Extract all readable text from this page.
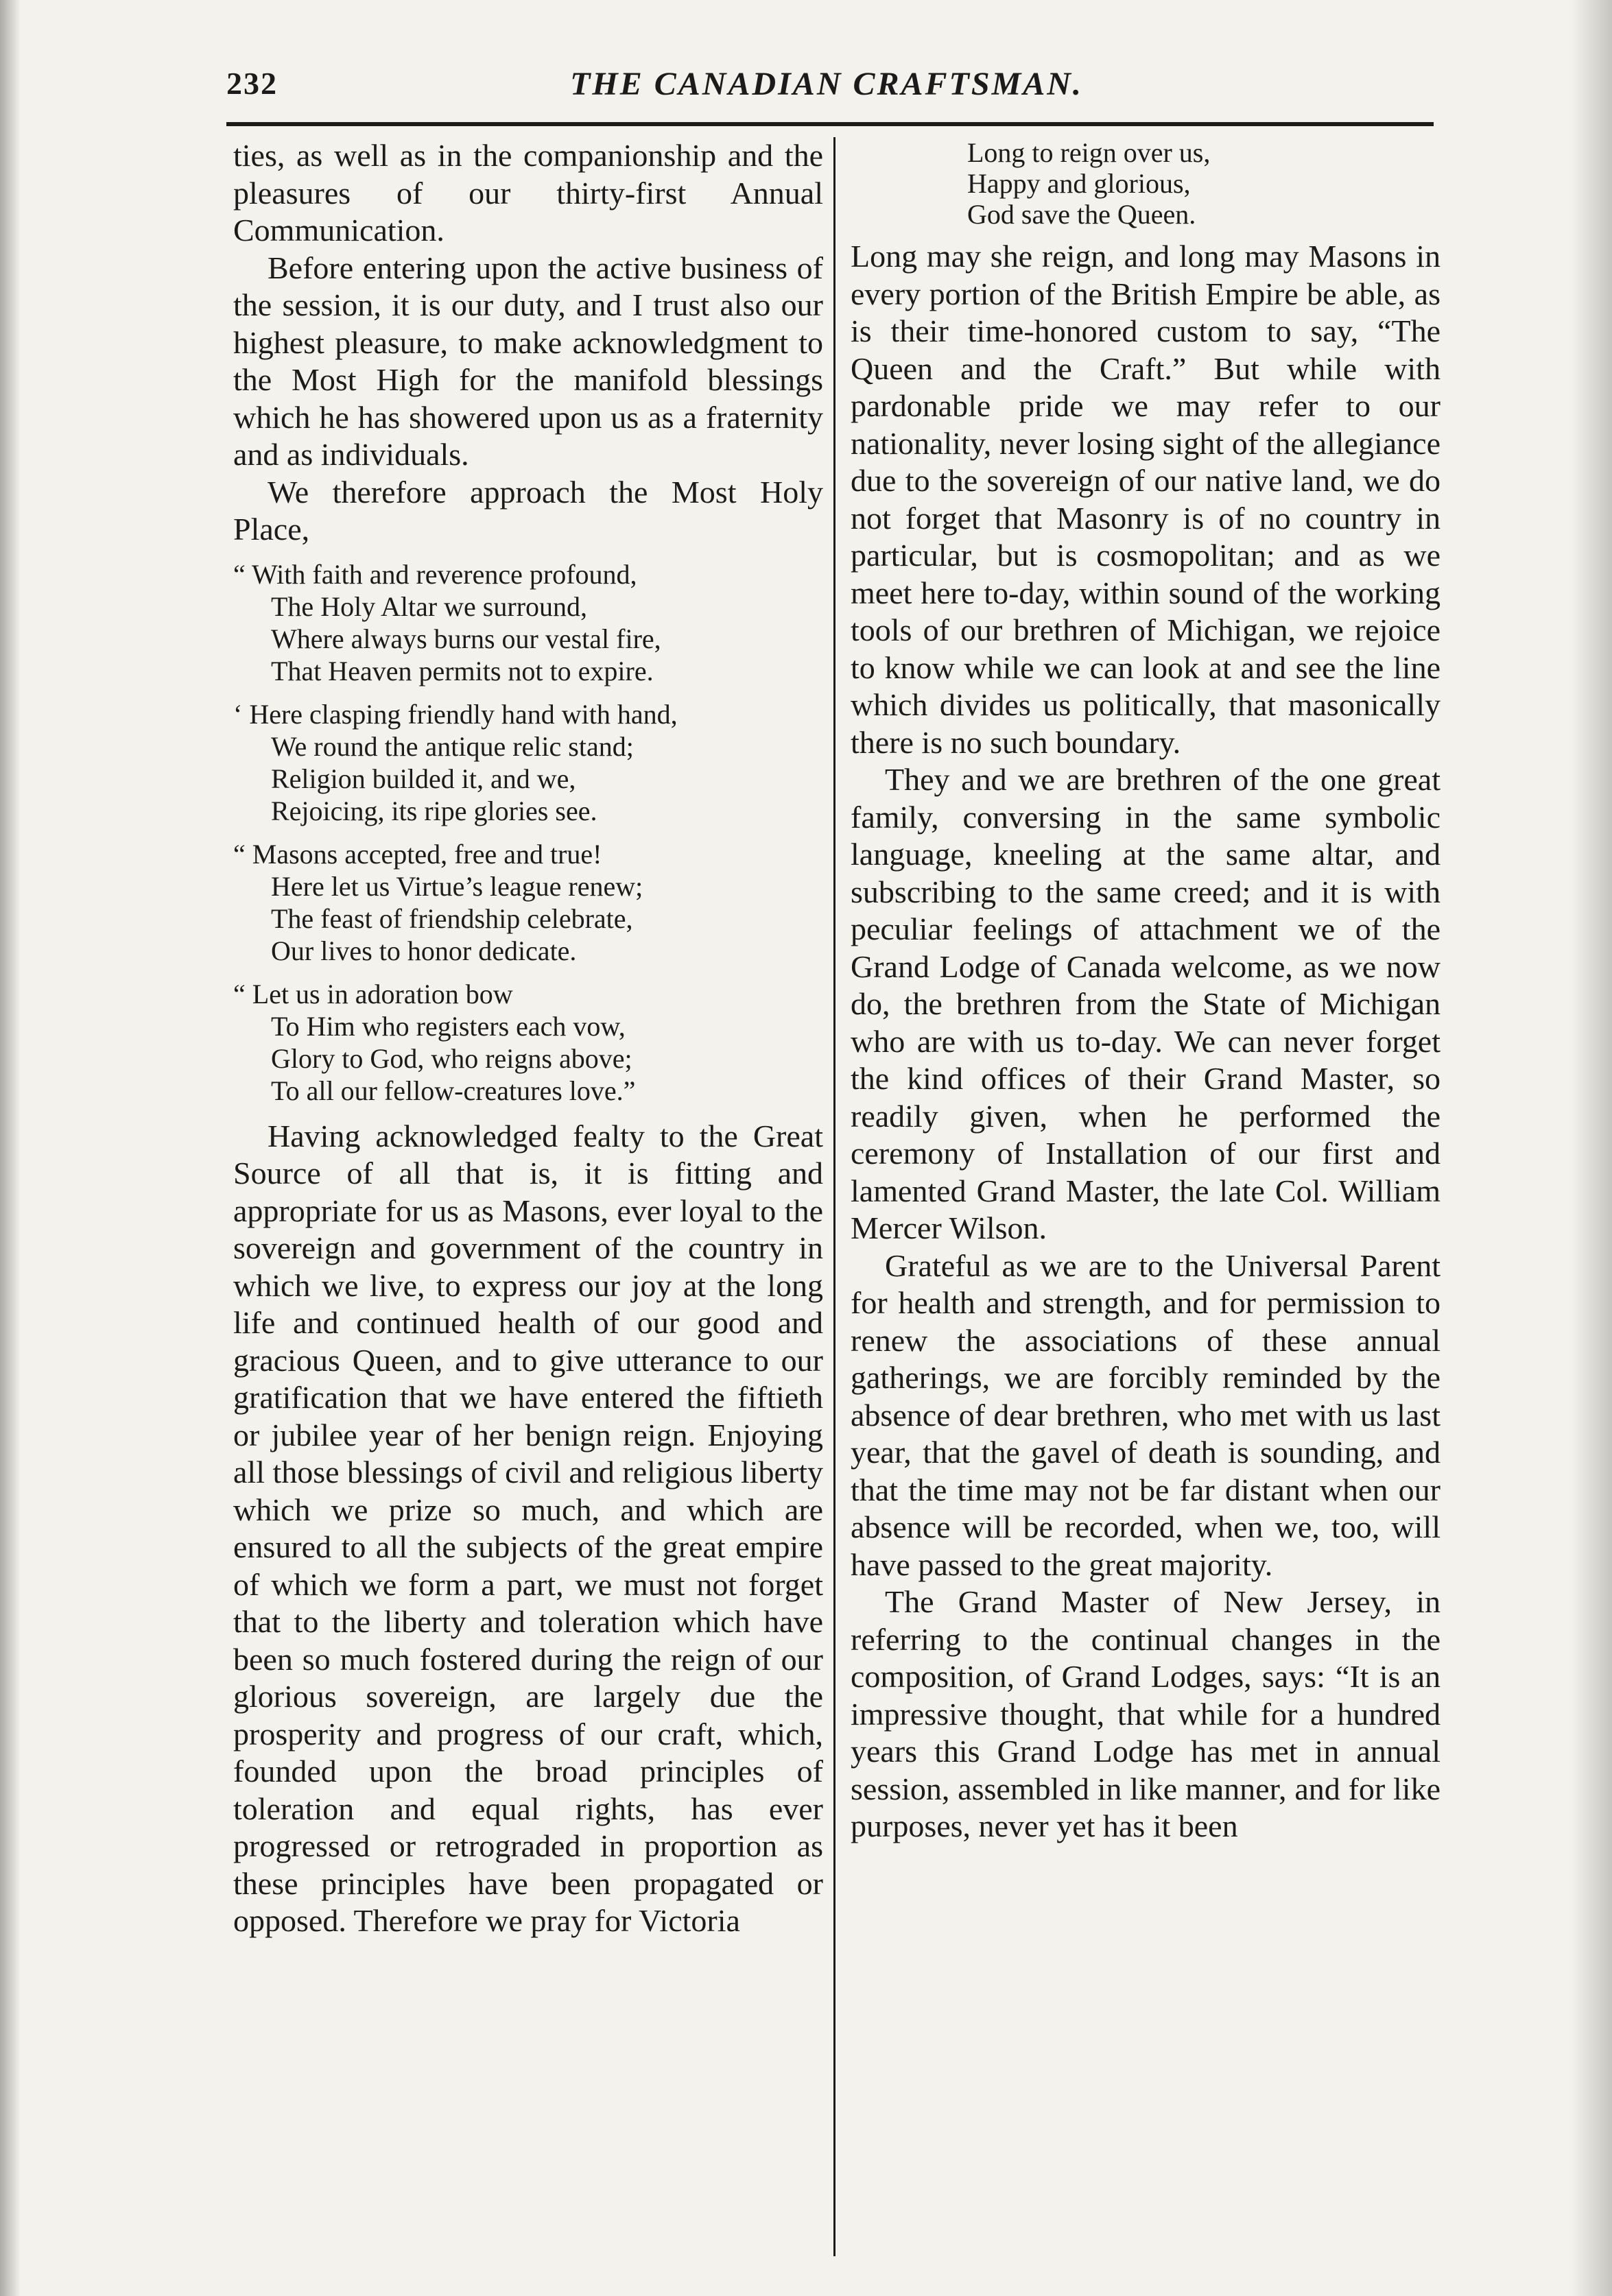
232	THE CANADIAN CRAFTSMAN.

ties, as well as in the companionship and the pleasures of our thirty-first Annual Communication.

Before entering upon the active business of the session, it is our duty, and I trust also our highest pleasure, to make acknowledgment to the Most High for the manifold blessings which he has showered upon us as a fraternity and as individuals.

We therefore approach the Most Holy Place,

“ With faith and reverence profound,
The Holy Altar we surround,
Where always burns our vestal fire,
That Heaven permits not to expire.
‘ Here clasping friendly hand with hand,
We round the antique relic stand;
Religion builded it, and we,
Rejoicing, its ripe glories see.
“ Masons accepted, free and true!
Here let us Virtue’s league renew;
The feast of friendship celebrate,
Our lives to honor dedicate.
“ Let us in adoration bow
To Him who registers each vow,
Glory to God, who reigns above;
To all our fellow-creatures love.”

Having acknowledged fealty to the Great Source of all that is, it is fitting and appropriate for us as Masons, ever loyal to the sovereign and government of the country in which we live, to express our joy at the long life and continued health of our good and gracious Queen, and to give utterance to our gratification that we have entered the fiftieth or jubilee year of her benign reign. Enjoying all those blessings of civil and religious liberty which we prize so much, and which are ensured to all the subjects of the great empire of which we form a part, we must not forget that to the liberty and toleration which have been so much fostered during the reign of our glorious sovereign, are largely due the prosperity and progress of our craft, which, founded upon the broad principles of toleration and equal rights, has ever progressed or retrograded in proportion as these principles have been propagated or opposed. Therefore we pray for Victoria

Long to reign over us,
Happy and glorious,
God save the Queen.

Long may she reign, and long may Masons in every portion of the British Empire be able, as is their time-honored custom to say, “The Queen and the Craft.” But while with pardonable pride we may refer to our nationality, never losing sight of the allegiance due to the sovereign of our native land, we do not forget that Masonry is of no country in particular, but is cosmopolitan; and as we meet here to-day, within sound of the working tools of our brethren of Michigan, we rejoice to know while we can look at and see the line which divides us politically, that masonically there is no such boundary.

They and we are brethren of the one great family, conversing in the same symbolic language, kneeling at the same altar, and subscribing to the same creed; and it is with peculiar feelings of attachment we of the Grand Lodge of Canada welcome, as we now do, the brethren from the State of Michigan who are with us to-day. We can never forget the kind offices of their Grand Master, so readily given, when he performed the ceremony of Installation of our first and lamented Grand Master, the late Col. William Mercer Wilson.

Grateful as we are to the Universal Parent for health and strength, and for permission to renew the associations of these annual gatherings, we are forcibly reminded by the absence of dear brethren, who met with us last year, that the gavel of death is sounding, and that the time may not be far distant when our absence will be recorded, when we, too, will have passed to the great majority.

The Grand Master of New Jersey, in referring to the continual changes in the composition, of Grand Lodges, says: “It is an impressive thought, that while for a hundred years this Grand Lodge has met in annual session, assembled in like manner, and for like purposes, never yet has it been
